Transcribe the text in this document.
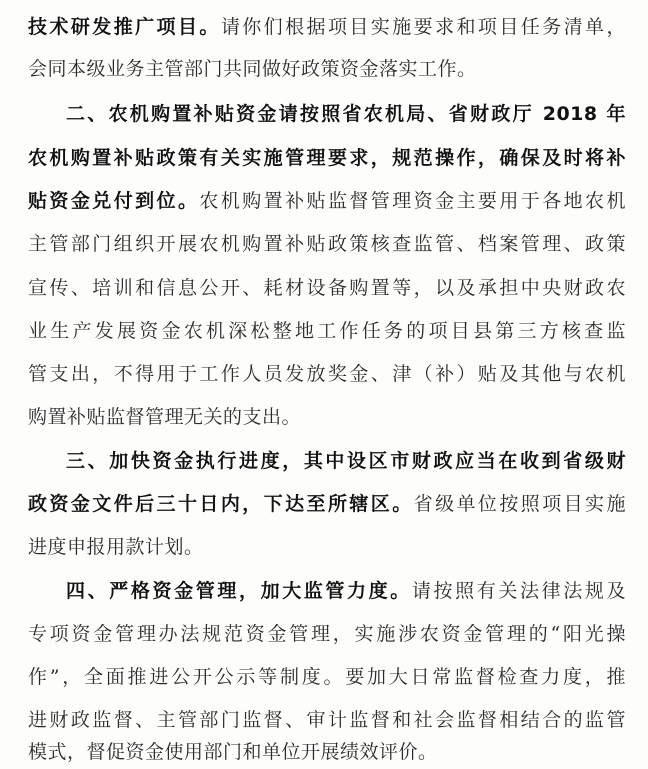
技术研发推广项目。请你们根据项目实施要求和项目任务清单，
会同本级业务主管部门共同做好政策资金落实工作。
二、农机购置补贴资金请按照省农机局、省财政厅 2018 年
农机购置补贴政策有关实施管理要求，规范操作，确保及时将补
贴资金兑付到位。农机购置补贴监督管理资金主要用于各地农机
主管部门组织开展农机购置补贴政策核查监管、档案管理、政策
宣传、培训和信息公开、耗材设备购置等，以及承担中央财政农
业生产发展资金农机深松整地工作任务的项目县第三方核查监
管支出，不得用于工作人员发放奖金、津（补）贴及其他与农机
购置补贴监督管理无关的支出。
三、加快资金执行进度，其中设区市财政应当在收到省级财
政资金文件后三十日内，下达至所辖区。省级单位按照项目实施
进度申报用款计划。
四、严格资金管理，加大监管力度。请按照有关法律法规及
专项资金管理办法规范资金管理，实施涉农资金管理的“阳光操
作”，全面推进公开公示等制度。要加大日常监督检查力度，推
进财政监督、主管部门监督、审计监督和社会监督相结合的监管
模式，督促资金使用部门和单位开展绩效评价。
